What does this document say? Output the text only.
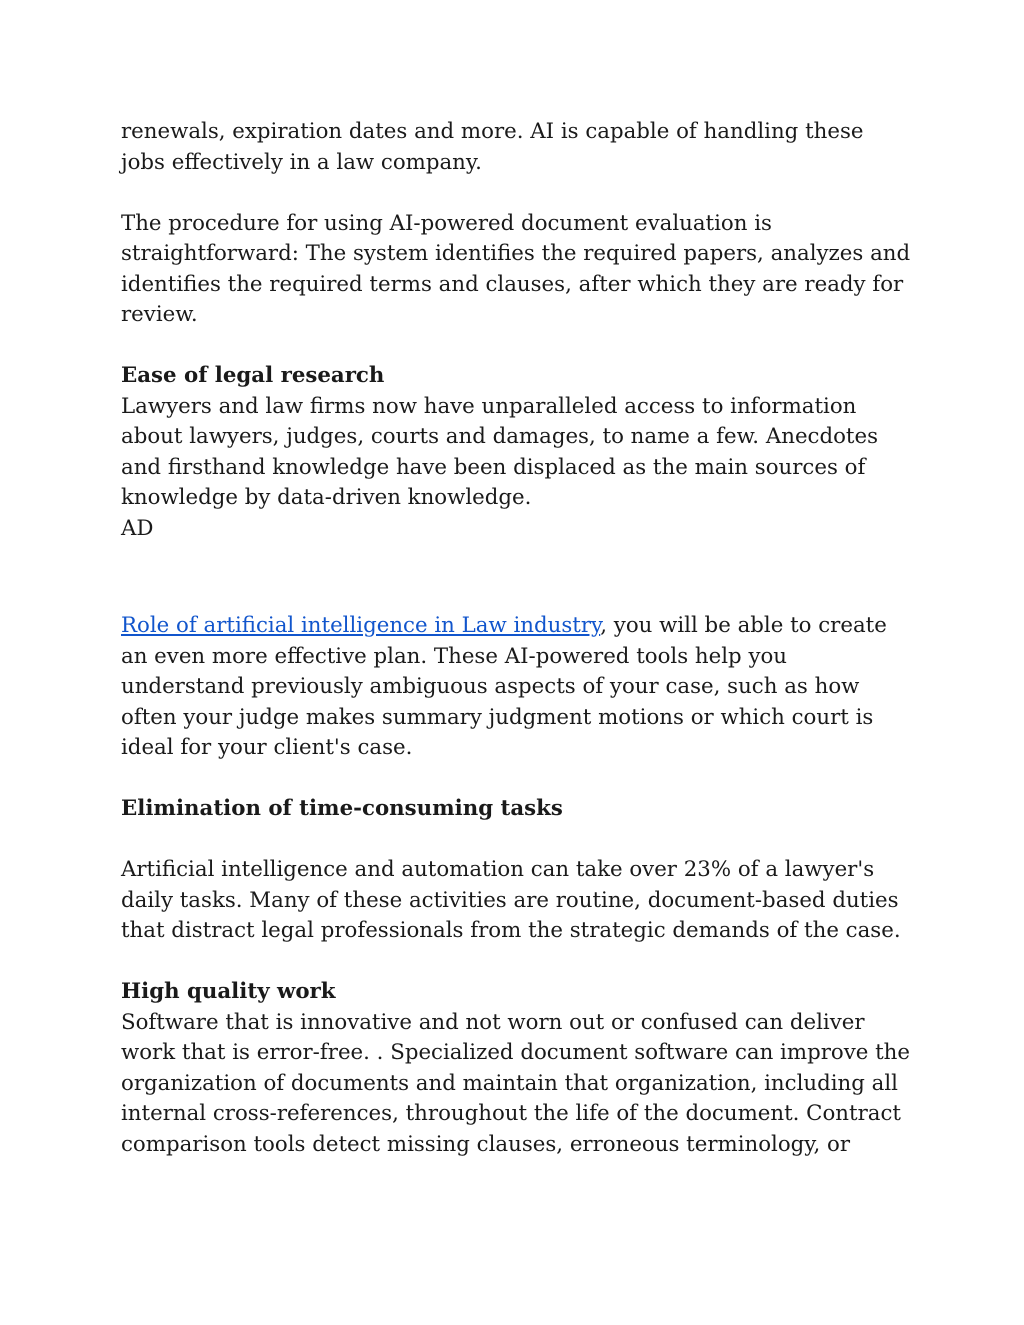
renewals, expiration dates and more. AI is capable of handling these jobs effectively in a law company.

The procedure for using AI-powered document evaluation is straightforward: The system identifies the required papers, analyzes and identifies the required terms and clauses, after which they are ready for review.

Ease of legal research

Lawyers and law firms now have unparalleled access to information about lawyers, judges, courts and damages, to name a few. Anecdotes and firsthand knowledge have been displaced as the main sources of knowledge by data-driven knowledge.

AD

Role of artificial intelligence in Law industry, you will be able to create an even more effective plan. These AI-powered tools help you understand previously ambiguous aspects of your case, such as how often your judge makes summary judgment motions or which court is ideal for your client's case.

Elimination of time-consuming tasks

Artificial intelligence and automation can take over 23% of a lawyer's daily tasks. Many of these activities are routine, document-based duties that distract legal professionals from the strategic demands of the case.

High quality work

Software that is innovative and not worn out or confused can deliver work that is error-free. . Specialized document software can improve the organization of documents and maintain that organization, including all internal cross-references, throughout the life of the document. Contract comparison tools detect missing clauses, erroneous terminology, or
